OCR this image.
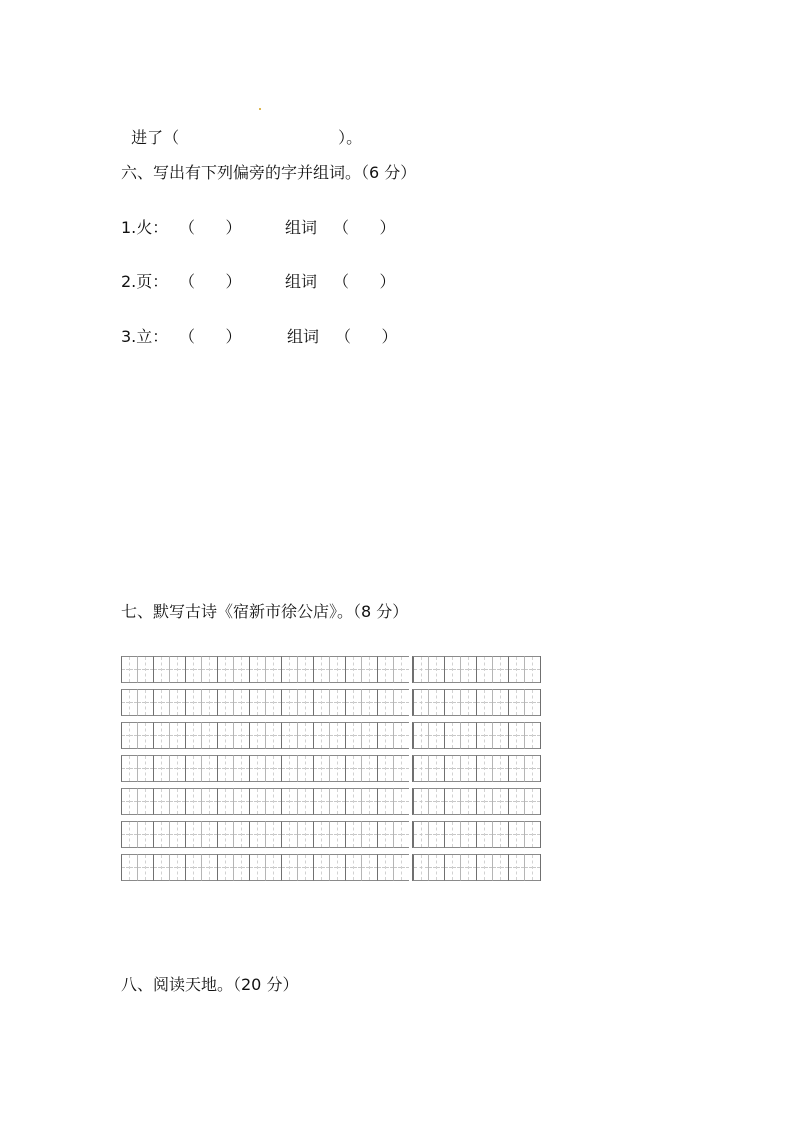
进了（	）。

六、写出有下列偏旁的字并组词。（6 分）
1.火： （      ）	组词 （      ）
2.页： （      ）	组词 （      ）
3.立： （      ）	组词 （      ）
七、默写古诗《宿新市徐公店》。（8 分）
八、阅读天地。（20 分）
